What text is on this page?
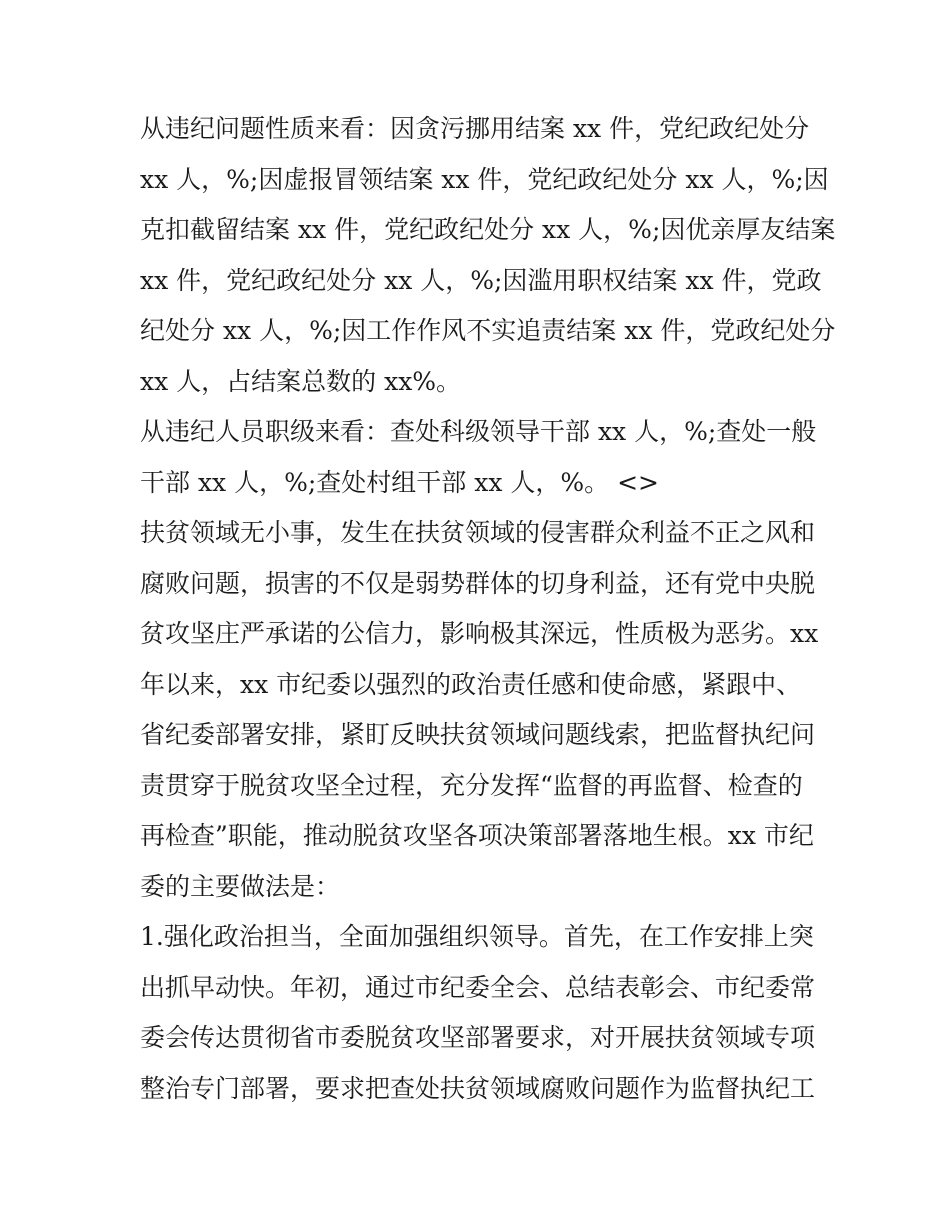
从违纪问题性质来看：因贪污挪用结案 xx 件，党纪政纪处分
xx 人，%;因虚报冒领结案 xx 件，党纪政纪处分 xx 人，%;因
克扣截留结案 xx 件，党纪政纪处分 xx 人，%;因优亲厚友结案
xx 件，党纪政纪处分 xx 人，%;因滥用职权结案 xx 件，党政
纪处分 xx 人，%;因工作作风不实追责结案 xx 件，党政纪处分
xx 人，占结案总数的 xx%。
从违纪人员职级来看：查处科级领导干部 xx 人，%;查处一般
干部 xx 人，%;查处村组干部 xx 人，%。 <>
扶贫领域无小事，发生在扶贫领域的侵害群众利益不正之风和
腐败问题，损害的不仅是弱势群体的切身利益，还有党中央脱
贫攻坚庄严承诺的公信力，影响极其深远，性质极为恶劣。xx
年以来，xx 市纪委以强烈的政治责任感和使命感，紧跟中、
省纪委部署安排，紧盯反映扶贫领域问题线索，把监督执纪问
责贯穿于脱贫攻坚全过程，充分发挥“监督的再监督、检查的
再检查”职能，推动脱贫攻坚各项决策部署落地生根。xx 市纪
委的主要做法是：
1.强化政治担当，全面加强组织领导。首先，在工作安排上突
出抓早动快。年初，通过市纪委全会、总结表彰会、市纪委常
委会传达贯彻省市委脱贫攻坚部署要求，对开展扶贫领域专项
整治专门部署，要求把查处扶贫领域腐败问题作为监督执纪工
